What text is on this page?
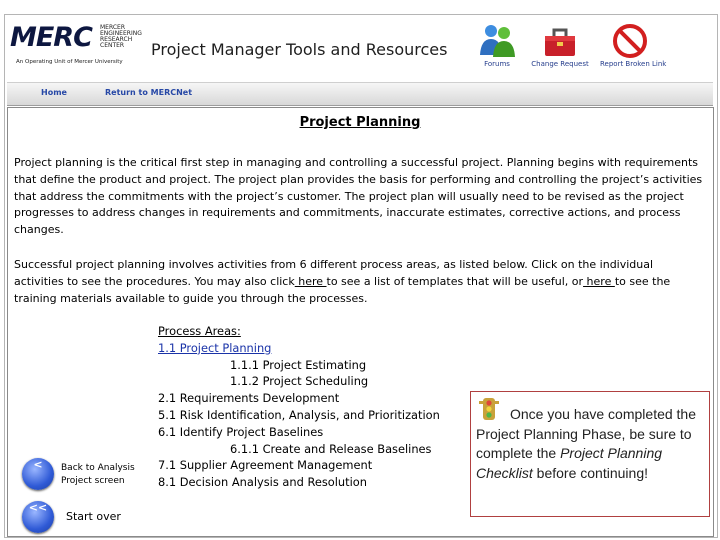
MERC MERCER
ENGINEERING
RESEARCH
CENTER
An Operating Unit of Mercer University
Project Manager Tools and Resources
Forums	Change Request Report Broken Link
Home	Return to MERCNet
Project Planning
Project planning is the critical first step in managing and controlling a successful project. Planning begins with requirements that define the product and project. The project plan provides the basis for performing and controlling the project’s activities that address the commitments with the project’s customer. The project plan will usually need to be revised as the project progresses to address changes in requirements and commitments, inaccurate estimates, corrective actions, and process changes.
Successful project planning involves activities from 6 different process areas, as listed below. Click on the individual activities to see the procedures. You may also click here to see a list of templates that will be useful, or here to see the training materials available to guide you through the processes.
Process Areas:
1.1 Project Planning
1.1.1 Project Estimating
1.1.2 Project Scheduling
2.1 Requirements Development
5.1 Risk Identification, Analysis, and Prioritization
6.1 Identify Project Baselines
6.1.1 Create and Release Baselines
7.1 Supplier Agreement Management
8.1 Decision Analysis and Resolution
<	Back to Analysis
Project screen
<<
Start over
Once you have completed the Project Planning Phase, be sure to complete the Project Planning Checklist before continuing!
